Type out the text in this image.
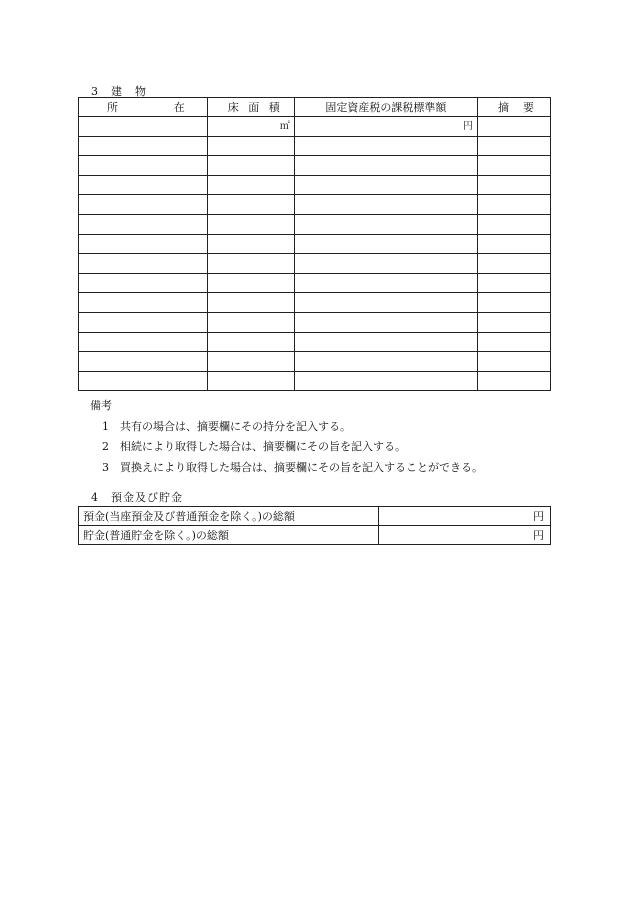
3　建　物
所 在	床 面 積	固定資産税の課税標準額	摘 要

	㎡	円	

備考
1 共有の場合は、摘要欄にその持分を記入する。
2 相続により取得した場合は、摘要欄にその旨を記入する。
3 買換えにより取得した場合は、摘要欄にその旨を記入することができる。
4　預金及び貯金
預金(当座預金及び普通預金を除く。)の総額	円
貯金(普通貯金を除く。)の総額	円
